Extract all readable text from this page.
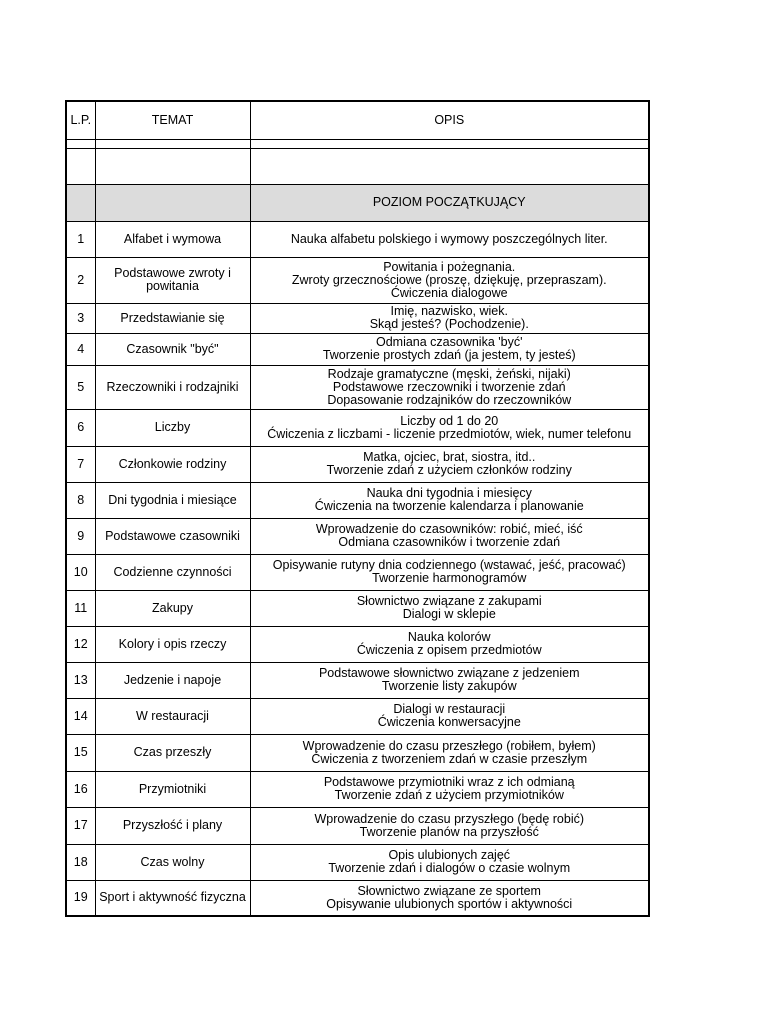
L.P.	TEMAT	OPIS

		POZIOM POCZĄTKUJĄCY
1	Alfabet i wymowa	Nauka alfabetu polskiego i wymowy poszczególnych liter.
2	Podstawowe zwroty i
powitania	Powitania i pożegnania.
Zwroty grzecznościowe (proszę, dziękuję, przepraszam).
Ćwiczenia dialogowe
3	Przedstawianie się	Imię, nazwisko, wiek.
Skąd jesteś? (Pochodzenie).
4	Czasownik "być"	Odmiana czasownika 'być'
Tworzenie prostych zdań (ja jestem, ty jesteś)
5	Rzeczowniki i rodzajniki	Rodzaje gramatyczne (męski, żeński, nijaki)
Podstawowe rzeczowniki i tworzenie zdań
Dopasowanie rodzajników do rzeczowników
6	Liczby	Liczby od 1 do 20
Ćwiczenia z liczbami - liczenie przedmiotów, wiek, numer telefonu
7	Członkowie rodziny	Matka, ojciec, brat, siostra, itd..
Tworzenie zdań z użyciem członków rodziny
8	Dni tygodnia i miesiące	Nauka dni tygodnia i miesięcy
Ćwiczenia na tworzenie kalendarza i planowanie
9	Podstawowe czasowniki	Wprowadzenie do czasowników: robić, mieć, iść
Odmiana czasowników i tworzenie zdań
10	Codzienne czynności	Opisywanie rutyny dnia codziennego (wstawać, jeść, pracować)
Tworzenie harmonogramów
11	Zakupy	Słownictwo związane z zakupami
Dialogi w sklepie
12	Kolory i opis rzeczy	Nauka kolorów
Ćwiczenia z opisem przedmiotów
13	Jedzenie i napoje	Podstawowe słownictwo związane z jedzeniem
Tworzenie listy zakupów
14	W restauracji	Dialogi w restauracji
Ćwiczenia konwersacyjne
15	Czas przeszły	Wprowadzenie do czasu przeszłego (robiłem, byłem)
Ćwiczenia z tworzeniem zdań w czasie przeszłym
16	Przymiotniki	Podstawowe przymiotniki wraz z ich odmianą
Tworzenie zdań z użyciem przymiotników
17	Przyszłość i plany	Wprowadzenie do czasu przyszłego (będę robić)
Tworzenie planów na przyszłość
18	Czas wolny	Opis ulubionych zajęć
Tworzenie zdań i dialogów o czasie wolnym
19	Sport i aktywność fizyczna	Słownictwo związane ze sportem
Opisywanie ulubionych sportów i aktywności
